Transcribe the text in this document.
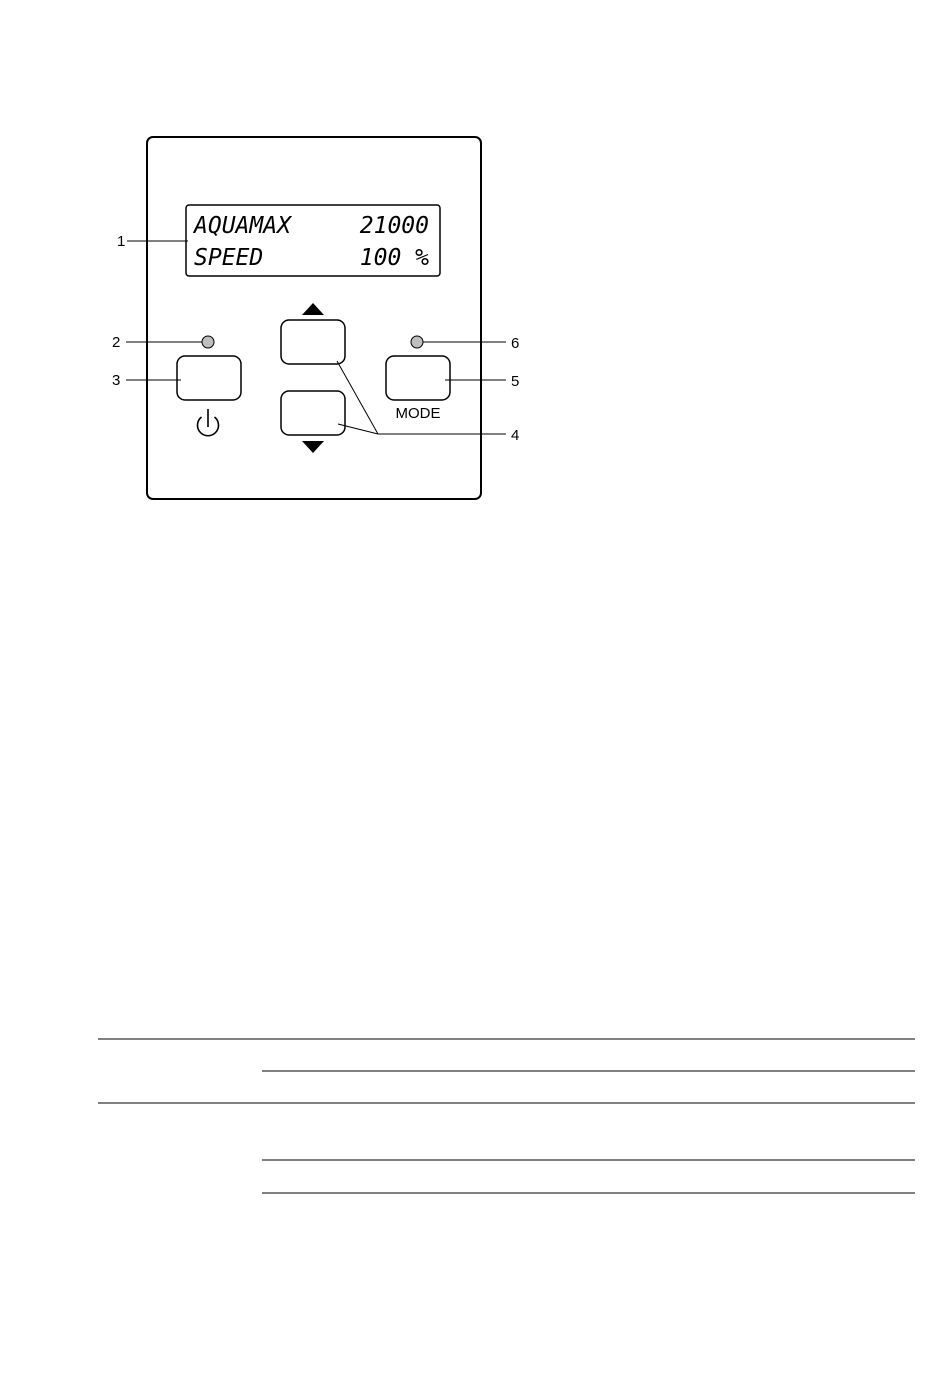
AQUAMAX	21000
SPEED	100 %
MODE
1
2
3
4
5
6
